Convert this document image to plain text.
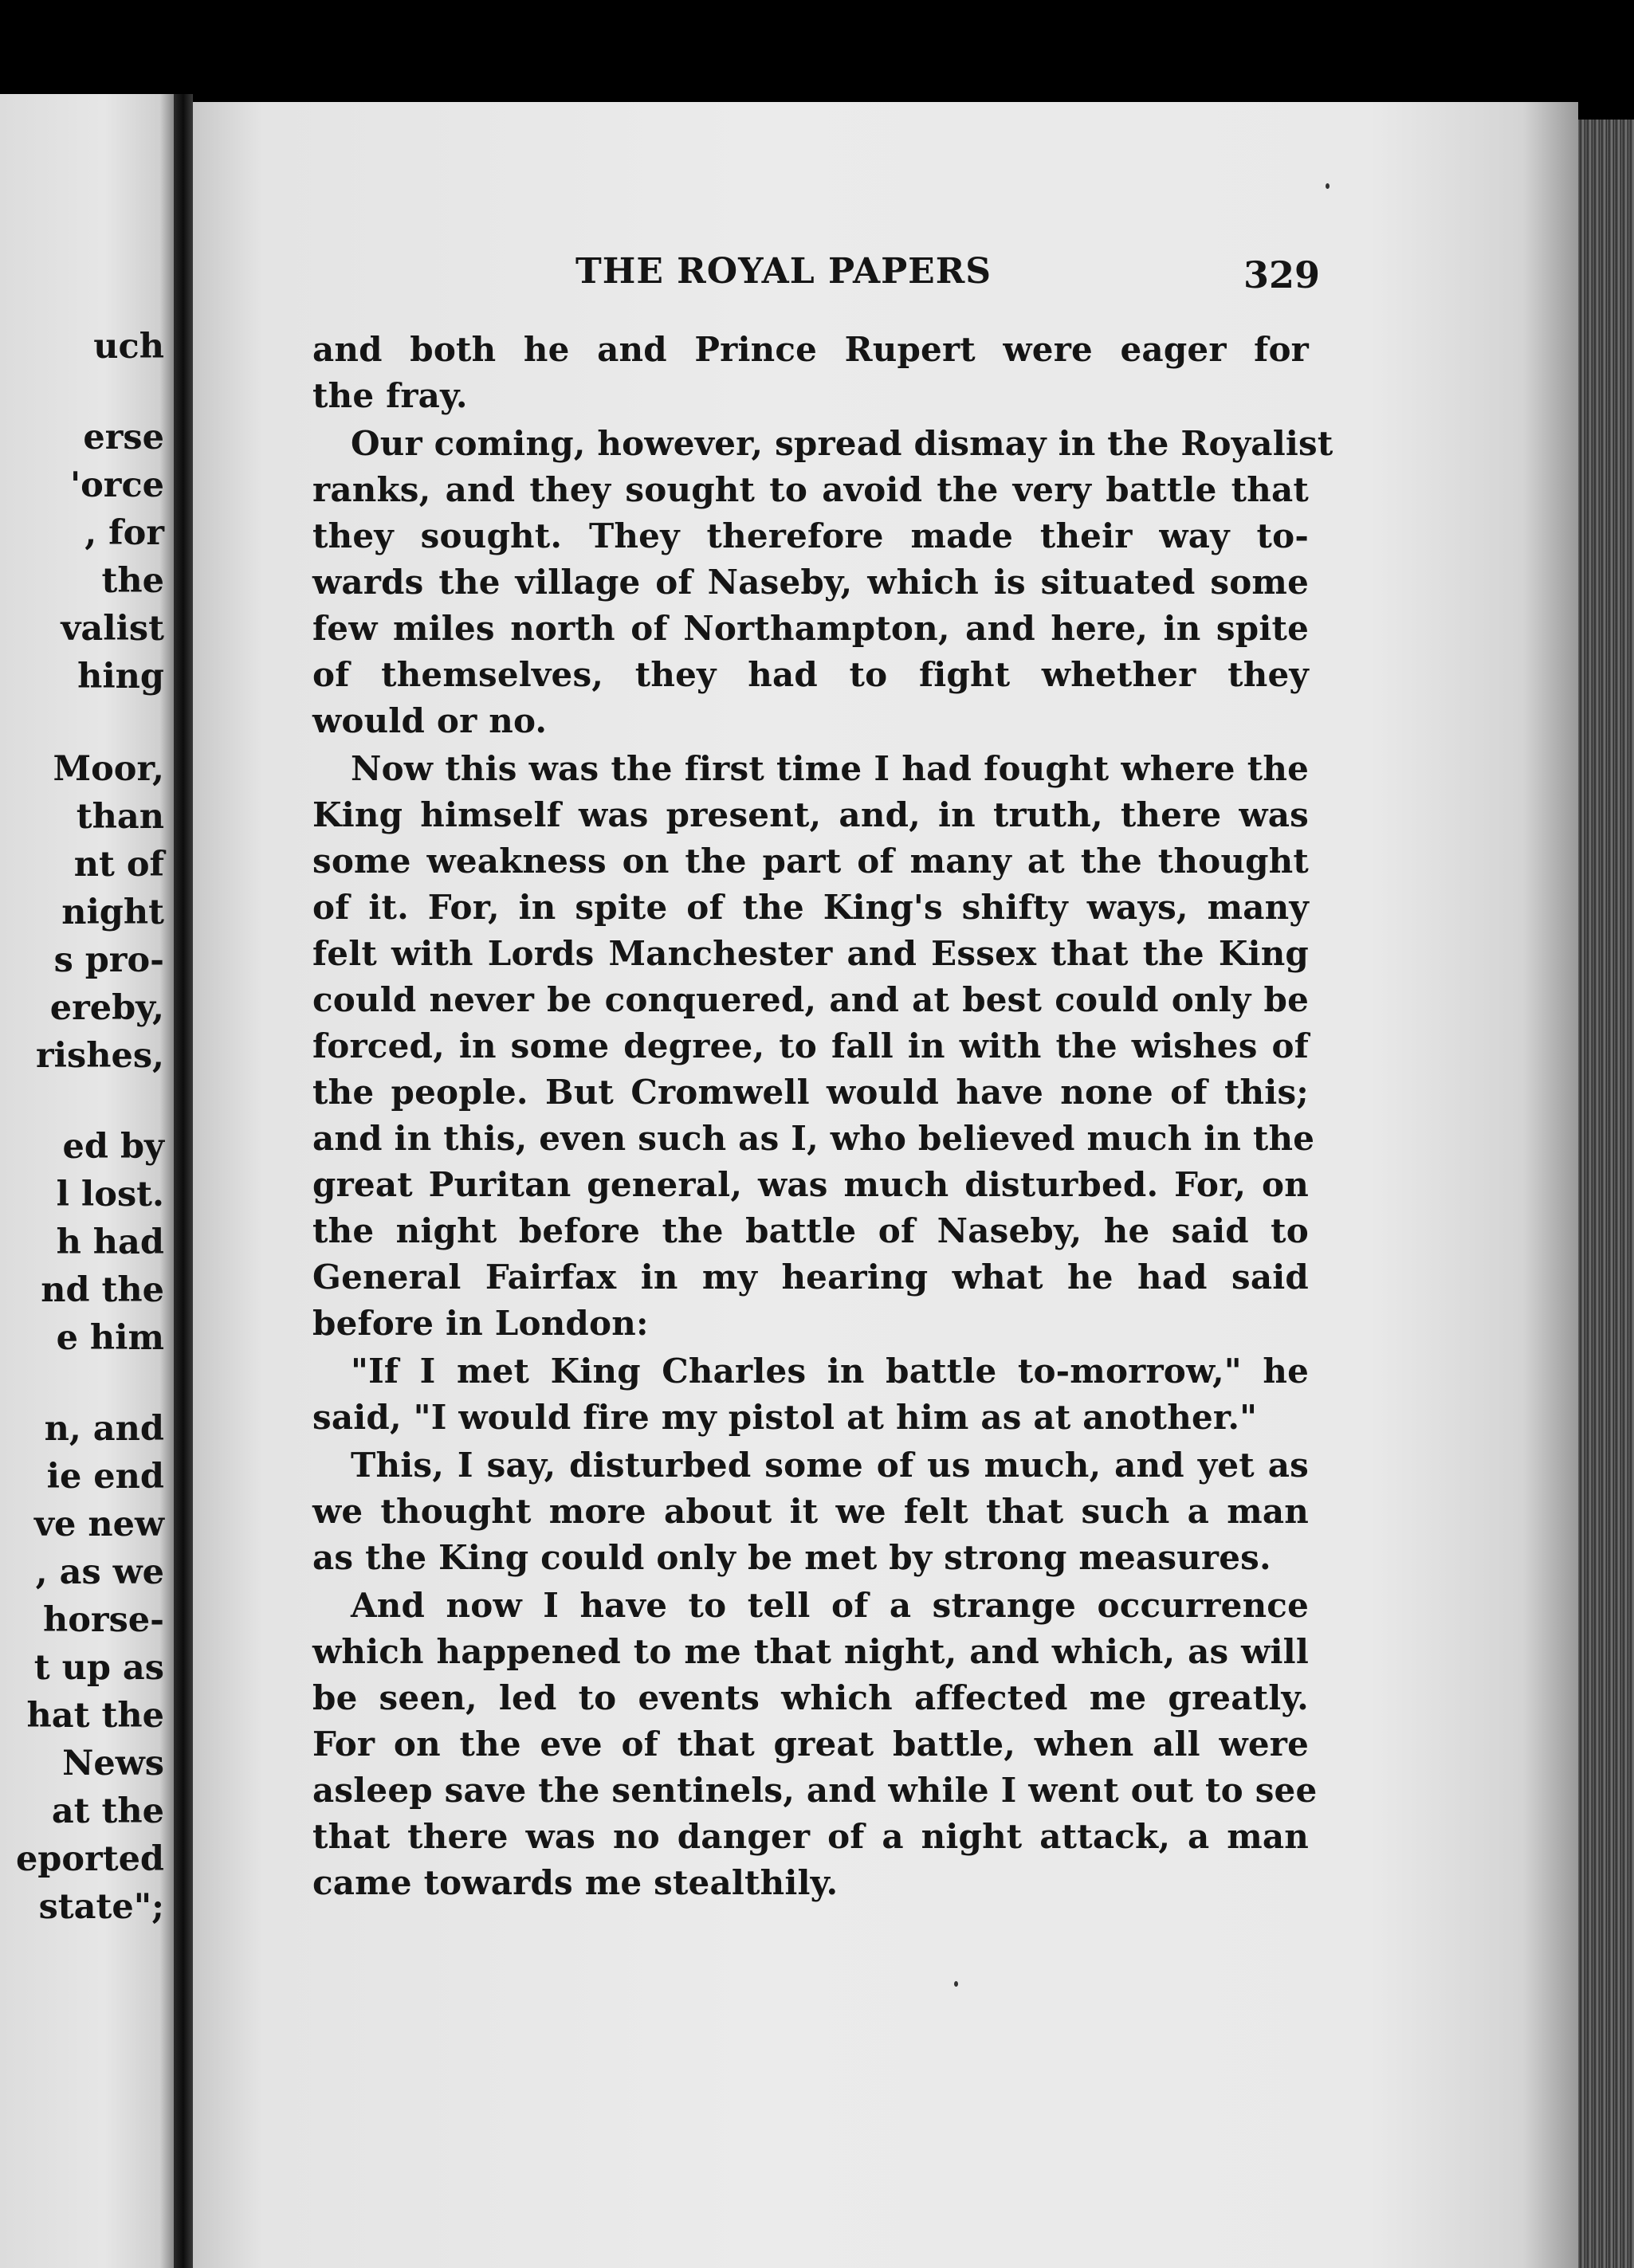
uch
erse
'orce
, for
the
valist
hing
Moor,
than
nt of
night
s pro-
ereby,
rishes,
ed by
l lost.
h had
nd the
e him
n, and
ie end
ve new
, as we
horse-
t up as
hat the
News
at the
eported
state";
THE ROYAL PAPERS	329
and both he and Prince Rupert were eager for
the fray.
Our coming, however, spread dismay in the Royalist
ranks, and they sought to avoid the very battle that
they sought. They therefore made their way to-
wards the village of Naseby, which is situated some
few miles north of Northampton, and here, in spite
of themselves, they had to fight whether they
would or no.
Now this was the first time I had fought where the
King himself was present, and, in truth, there was
some weakness on the part of many at the thought
of it. For, in spite of the King's shifty ways, many
felt with Lords Manchester and Essex that the King
could never be conquered, and at best could only be
forced, in some degree, to fall in with the wishes of
the people. But Cromwell would have none of this;
and in this, even such as I, who believed much in the
great Puritan general, was much disturbed. For, on
the night before the battle of Naseby, he said to
General Fairfax in my hearing what he had said
before in London:
"If I met King Charles in battle to-morrow," he
said, "I would fire my pistol at him as at another."
This, I say, disturbed some of us much, and yet as
we thought more about it we felt that such a man
as the King could only be met by strong measures.
And now I have to tell of a strange occurrence
which happened to me that night, and which, as will
be seen, led to events which affected me greatly.
For on the eve of that great battle, when all were
asleep save the sentinels, and while I went out to see
that there was no danger of a night attack, a man
came towards me stealthily.
